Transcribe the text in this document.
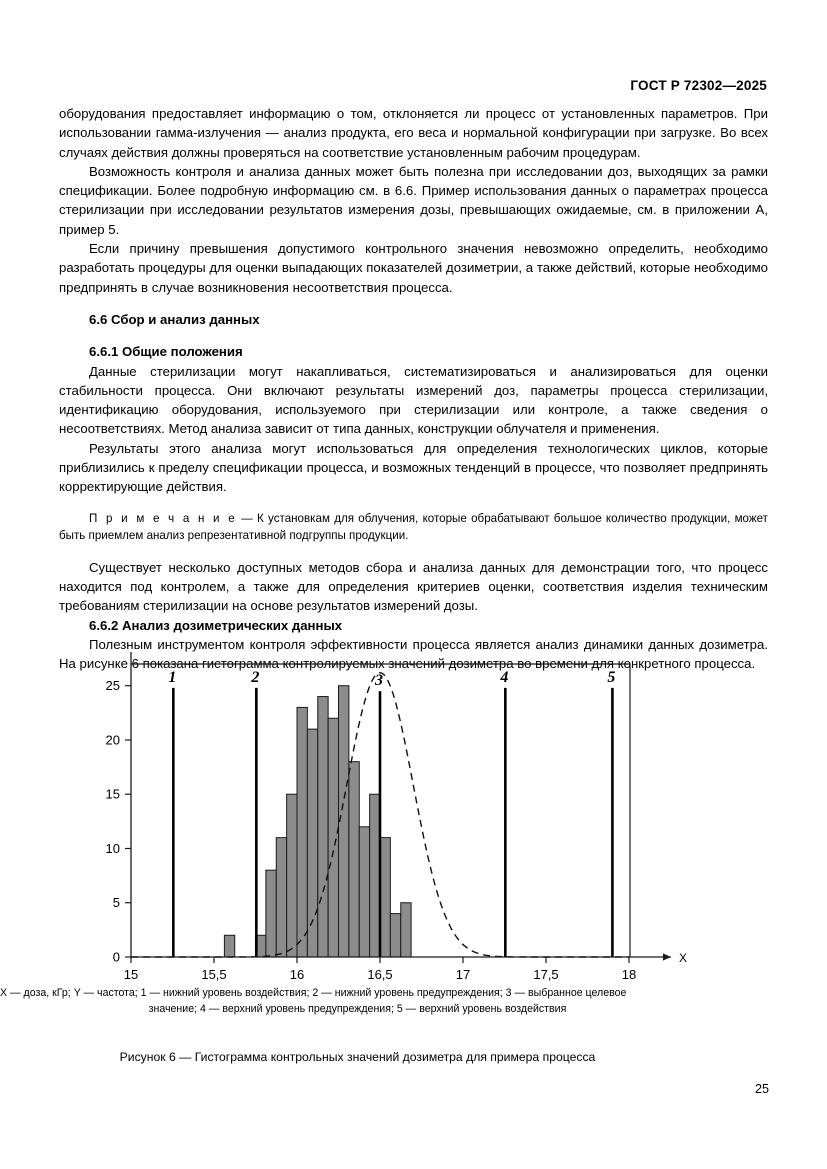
ГОСТ Р 72302—2025

оборудования предоставляет информацию о том, отклоняется ли процесс от установленных параметров. При использовании гамма-излучения — анализ продукта, его веса и нормальной конфигурации при загрузке. Во всех случаях действия должны проверяться на соответствие установленным рабочим процедурам.

Возможность контроля и анализа данных может быть полезна при исследовании доз, выходящих за рамки спецификации. Более подробную информацию см. в 6.6. Пример использования данных о параметрах процесса стерилизации при исследовании результатов измерения дозы, превышающих ожидаемые, см. в приложении А, пример 5.

Если причину превышения допустимого контрольного значения невозможно определить, необходимо разработать процедуры для оценки выпадающих показателей дозиметрии, а также действий, которые необходимо предпринять в случае возникновения несоответствия процесса.

6.6 Сбор и анализ данных
6.6.1 Общие положения

Данные стерилизации могут накапливаться, систематизироваться и анализироваться для оценки стабильности процесса. Они включают результаты измерений доз, параметры процесса стерилизации, идентификацию оборудования, используемого при стерилизации или контроле, а также сведения о несоответствиях. Метод анализа зависит от типа данных, конструкции облучателя и применения.

Результаты этого анализа могут использоваться для определения технологических циклов, которые приблизились к пределу спецификации процесса, и возможных тенденций в процессе, что позволяет предпринять корректирующие действия.

П р и м е ч а н и е — К установкам для облучения, которые обрабатывают большое количество продукции, может быть приемлем анализ репрезентативной подгруппы продукции.

Существует несколько доступных методов сбора и анализа данных для демонстрации того, что процесс находится под контролем, а также для определения критериев оценки, соответствия изделия техническим требованиям стерилизации на основе результатов измерений дозы.

6.6.2 Анализ дозиметрических данных

Полезным инструментом контроля эффективности процесса является анализ динамики данных дозиметра. На рисунке 6 показана гистограмма контролируемых значений дозиметра во времени для конкретного процесса.

1	2	3	4	5
X
0
5
10
15
20
25
15	15,5	16	16,5	17	17,5	18
X — доза, кГр; Y — частота; 1 — нижний уровень воздействия; 2 — нижний уровень предупреждения; 3 — выбранное целевое
значение; 4 — верхний уровень предупреждения; 5 — верхний уровень воздействия
Рисунок 6 — Гистограмма контрольных значений дозиметра для примера процесса
25
